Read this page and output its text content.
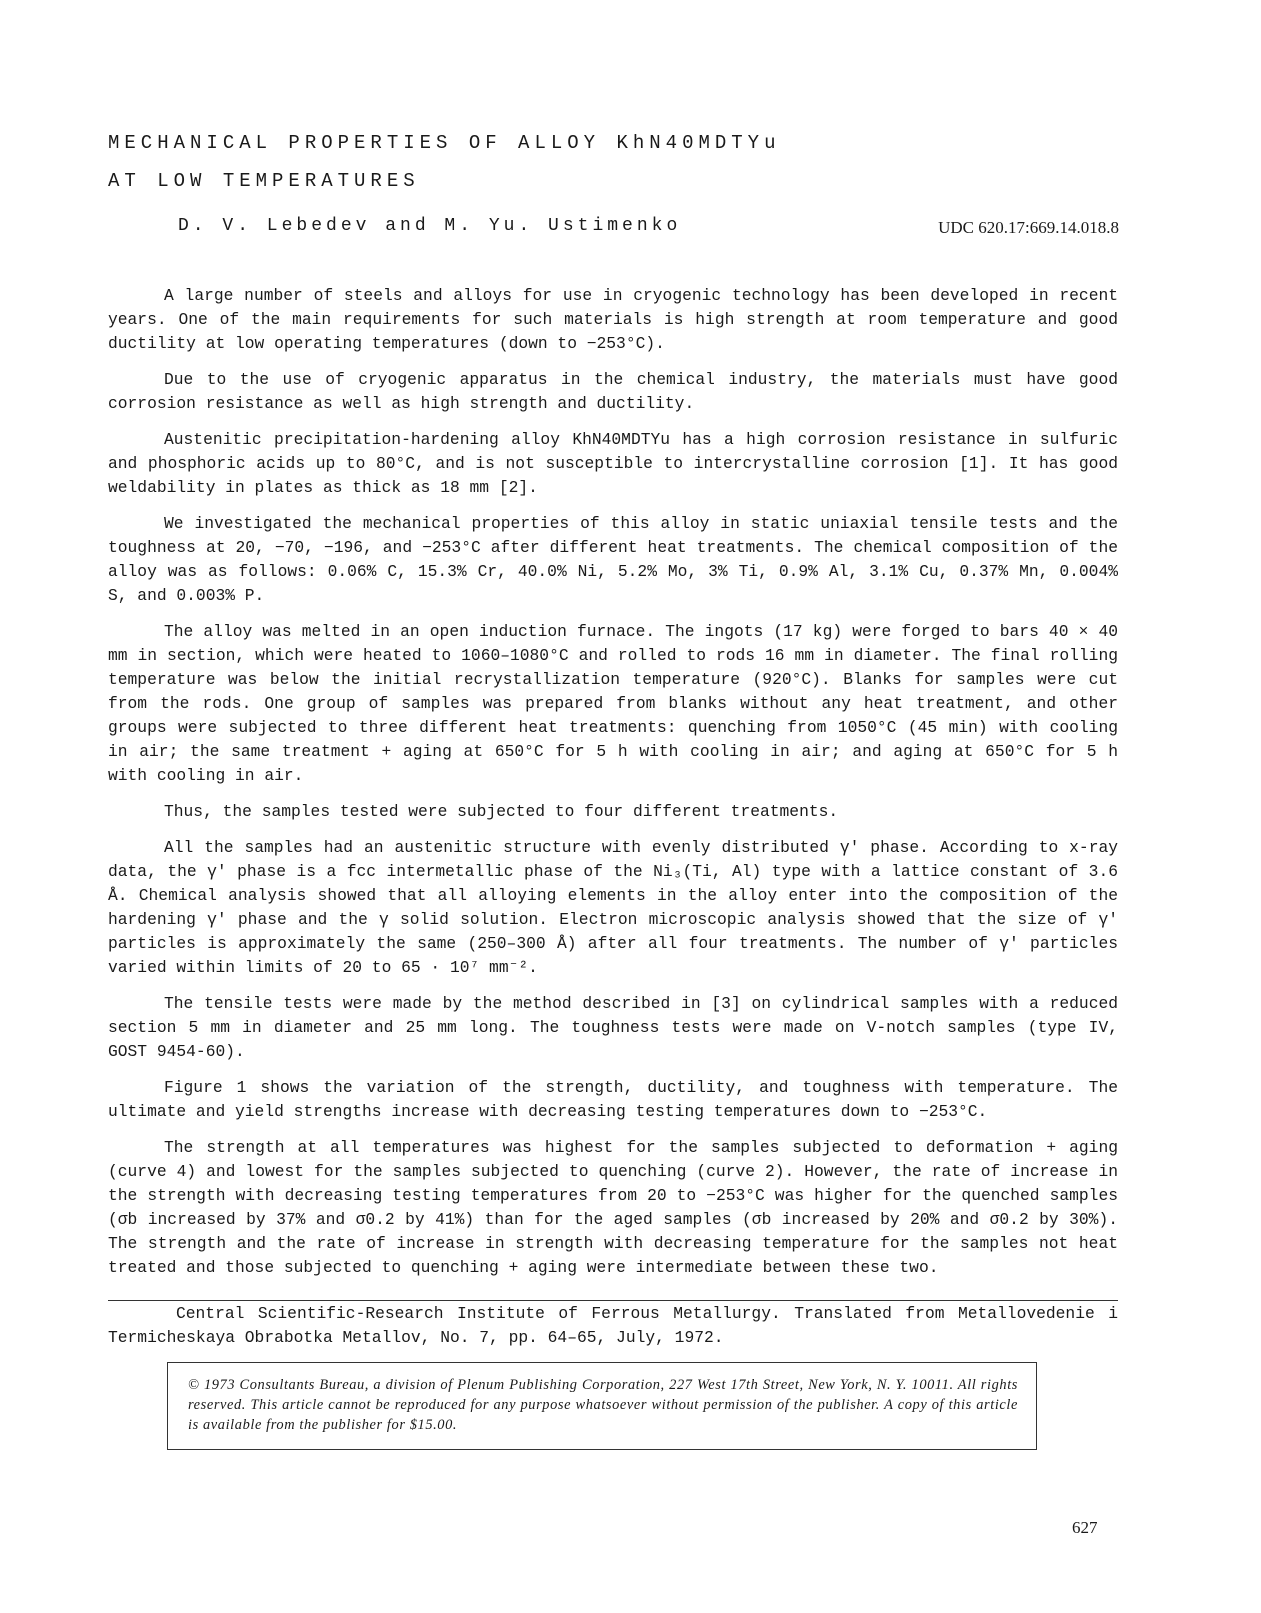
MECHANICAL PROPERTIES OF ALLOY KhN40MDTYu
AT LOW TEMPERATURES
D. V. Lebedev and M. Yu. Ustimenko	UDC 620.17:669.14.018.8

A large number of steels and alloys for use in cryogenic technology has been developed in recent years. One of the main requirements for such materials is high strength at room temperature and good ductility at low operating temperatures (down to −253°C).

Due to the use of cryogenic apparatus in the chemical industry, the materials must have good corrosion resistance as well as high strength and ductility.

Austenitic precipitation-hardening alloy KhN40MDTYu has a high corrosion resistance in sulfuric and phosphoric acids up to 80°C, and is not susceptible to intercrystalline corrosion [1]. It has good weldability in plates as thick as 18 mm [2].

We investigated the mechanical properties of this alloy in static uniaxial tensile tests and the toughness at 20, −70, −196, and −253°C after different heat treatments. The chemical composition of the alloy was as follows: 0.06% C, 15.3% Cr, 40.0% Ni, 5.2% Mo, 3% Ti, 0.9% Al, 3.1% Cu, 0.37% Mn, 0.004% S, and 0.003% P.

The alloy was melted in an open induction furnace. The ingots (17 kg) were forged to bars 40 × 40 mm in section, which were heated to 1060–1080°C and rolled to rods 16 mm in diameter. The final rolling temperature was below the initial recrystallization temperature (920°C). Blanks for samples were cut from the rods. One group of samples was prepared from blanks without any heat treatment, and other groups were subjected to three different heat treatments: quenching from 1050°C (45 min) with cooling in air; the same treatment + aging at 650°C for 5 h with cooling in air; and aging at 650°C for 5 h with cooling in air.

Thus, the samples tested were subjected to four different treatments.

All the samples had an austenitic structure with evenly distributed γ' phase. According to x-ray data, the γ' phase is a fcc intermetallic phase of the Ni₃(Ti, Al) type with a lattice constant of 3.6 Å. Chemical analysis showed that all alloying elements in the alloy enter into the composition of the hardening γ' phase and the γ solid solution. Electron microscopic analysis showed that the size of γ' particles is approximately the same (250–300 Å) after all four treatments. The number of γ' particles varied within limits of 20 to 65 · 10⁷ mm⁻².

The tensile tests were made by the method described in [3] on cylindrical samples with a reduced section 5 mm in diameter and 25 mm long. The toughness tests were made on V-notch samples (type IV, GOST 9454-60).

Figure 1 shows the variation of the strength, ductility, and toughness with temperature. The ultimate and yield strengths increase with decreasing testing temperatures down to −253°C.

The strength at all temperatures was highest for the samples subjected to deformation + aging (curve 4) and lowest for the samples subjected to quenching (curve 2). However, the rate of increase in the strength with decreasing testing temperatures from 20 to −253°C was higher for the quenched samples (σb increased by 37% and σ0.2 by 41%) than for the aged samples (σb increased by 20% and σ0.2 by 30%). The strength and the rate of increase in strength with decreasing temperature for the samples not heat treated and those subjected to quenching + aging were intermediate between these two.

Central Scientific-Research Institute of Ferrous Metallurgy. Translated from Metallovedenie i Termicheskaya Obrabotka Metallov, No. 7, pp. 64–65, July, 1972.

© 1973 Consultants Bureau, a division of Plenum Publishing Corporation, 227 West 17th Street, New York, N. Y. 10011. All rights reserved. This article cannot be reproduced for any purpose whatsoever without permission of the publisher. A copy of this article is available from the publisher for $15.00.

627
